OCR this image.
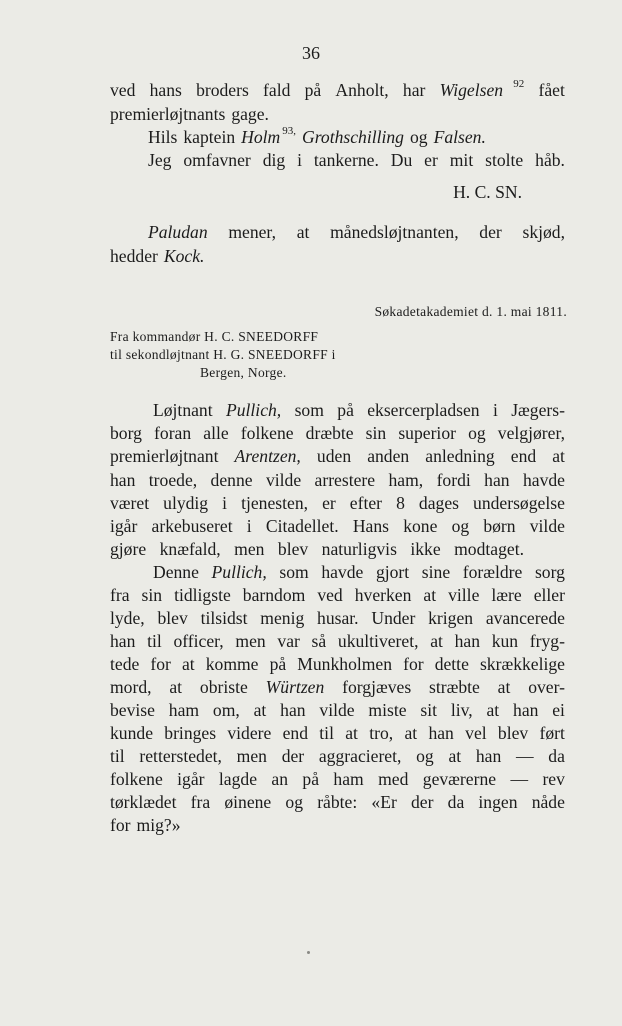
36
ved hans broders fald på Anholt, har Wigelsen 92 fået
premierløjtnants gage.
Hils kaptein Holm 93, Grothschilling og Falsen.
Jeg omfavner dig i tankerne. Du er mit stolte håb.
H. C. SN.
Paludan mener, at månedsløjtnanten, der skjød,
hedder Kock.
Søkadetakademiet d. 1. mai 1811.
Fra kommandør H. C. SNEEDORFF
til sekondløjtnant H. G. SNEEDORFF i
Bergen, Norge.
Løjtnant Pullich, som på eksercerpladsen i Jægers-
borg foran alle folkene dræbte sin superior og velgjører,
premierløjtnant Arentzen, uden anden anledning end at
han troede, denne vilde arrestere ham, fordi han havde
været ulydig i tjenesten, er efter 8 dages undersøgelse
igår arkebuseret i Citadellet. Hans kone og børn vilde
gjøre knæfald, men blev naturligvis ikke modtaget.
Denne Pullich, som havde gjort sine forældre sorg
fra sin tidligste barndom ved hverken at ville lære eller
lyde, blev tilsidst menig husar. Under krigen avancerede
han til officer, men var så ukultiveret, at han kun fryg-
tede for at komme på Munkholmen for dette skrækkelige
mord, at obriste Würtzen forgjæves stræbte at over-
bevise ham om, at han vilde miste sit liv, at han ei
kunde bringes videre end til at tro, at han vel blev ført
til retterstedet, men der aggracieret, og at han — da
folkene igår lagde an på ham med geværerne — rev
tørklædet fra øinene og råbte: «Er der da ingen nåde
for mig?»
